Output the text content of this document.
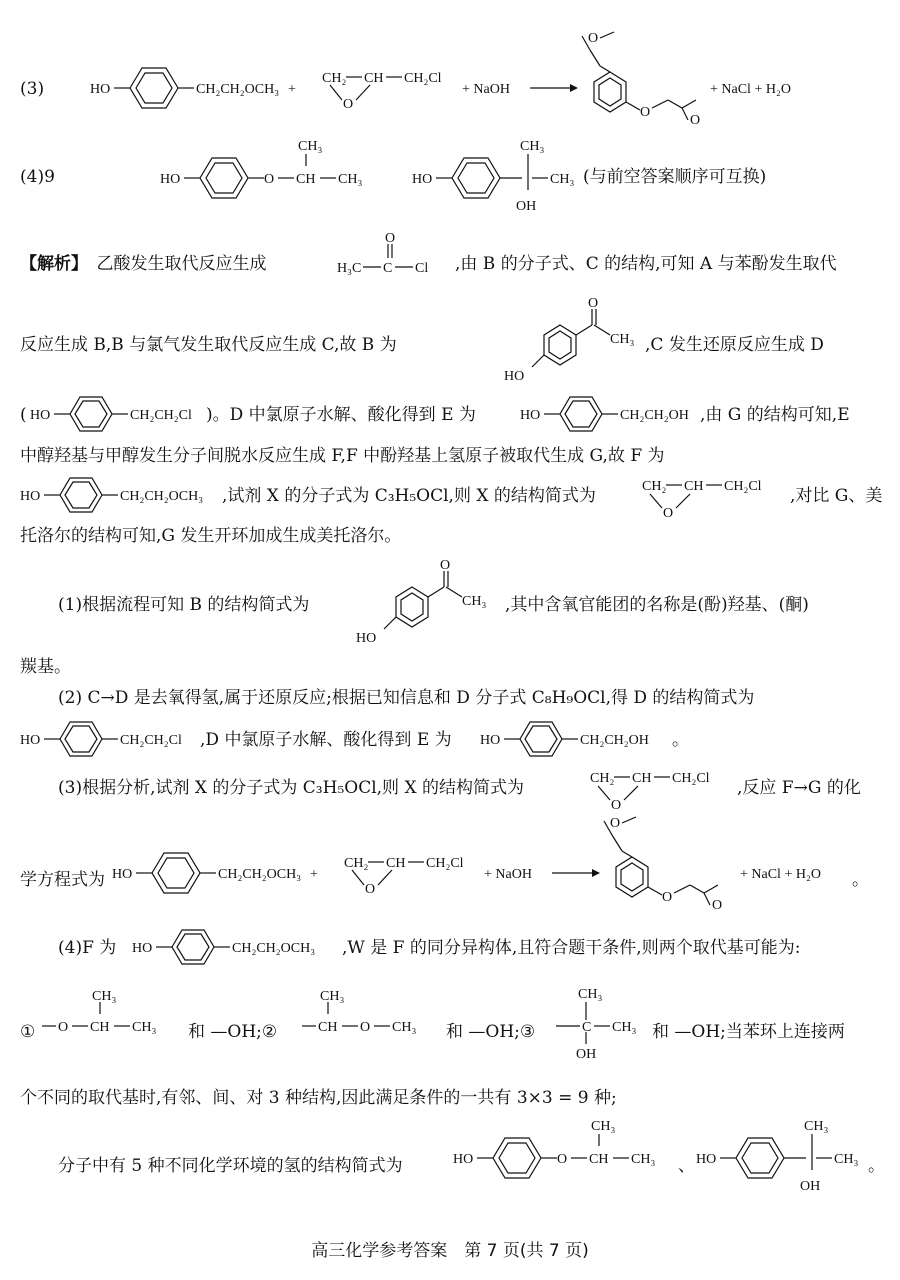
(3)	HO	CH₂CH₂OCH₃ +
CH₂ CH CH₂Cl
O
+ NaOH
O
O
O
+ NaCl + H₂O
(4)9	HO	O CH
CH₃
CH₃	HO
CH₃
OH
CH₃ (与前空答案顺序可互换)
【解析】　 乙酸发生取代反应生成	H₃C C
O
Cl ,由 B 的分子式、C 的结构,可知 A 与苯酚发生取代
反应生成 B,B 与氯气发生取代反应生成 C,故 B 为
O
CH₃
HO
,C 发生还原反应生成 D
( HO	CH₂CH₂Cl )。D 中氯原子水解、酸化得到 E 为	HO	CH₂CH₂OH ,由 G 的结构可知,E
中醇羟基与甲醇发生分子间脱水反应生成 F,F 中酚羟基上氢原子被取代生成 G,故 F 为
HO	CH₂CH₂OCH₃ ,试剂 X 的分子式为 C₃H₅OCl,则 X 的结构简式为	CH₂ CH CH₂Cl
O
,对比 G、美
托洛尔的结构可知,G 发生开环加成生成美托洛尔。
(1)根据流程可知 B 的结构简式为
O
CH₃
HO
,其中含氧官能团的名称是(酚)羟基、(酮)
羰基。
(2) C→D 是去氧得氢,属于还原反应;根据已知信息和 D 分子式 C₈H₉OCl,得 D 的结构简式为
HO	CH₂CH₂Cl ,D 中氯原子水解、酸化得到 E 为 HO	CH₂CH₂OH 。
(3)根据分析,试剂 X 的分子式为 C₃H₅OCl,则 X 的结构简式为	CH₂ CH CH₂Cl
O
,反应 F→G 的化
学方程式为 HO	CH₂CH₂OCH₃ +
CH₂ CH CH₂Cl
O
+ NaOH
O
O
O
+ NaCl + H₂O 。
(4)F 为 HO	CH₂CH₂OCH₃ ,W 是 F 的同分异构体,且符合题干条件,则两个取代基可能为:
① O CH
CH₃
CH₃ 和 —OH;②	CH
CH₃
O CH₃ 和 —OH;③
CH₃
C
OH
CH₃ 和 —OH;当苯环上连接两
个不同的取代基时,有邻、间、对 3 种结构,因此满足条件的一共有 3×3 = 9 种;
分子中有 5 种不同化学环境的氢的结构简式为	HO	O CH
CH₃
CH₃ 、 HO
CH₃
OH
CH₃ 。
高三化学参考答案　第 7 页(共 7 页)
